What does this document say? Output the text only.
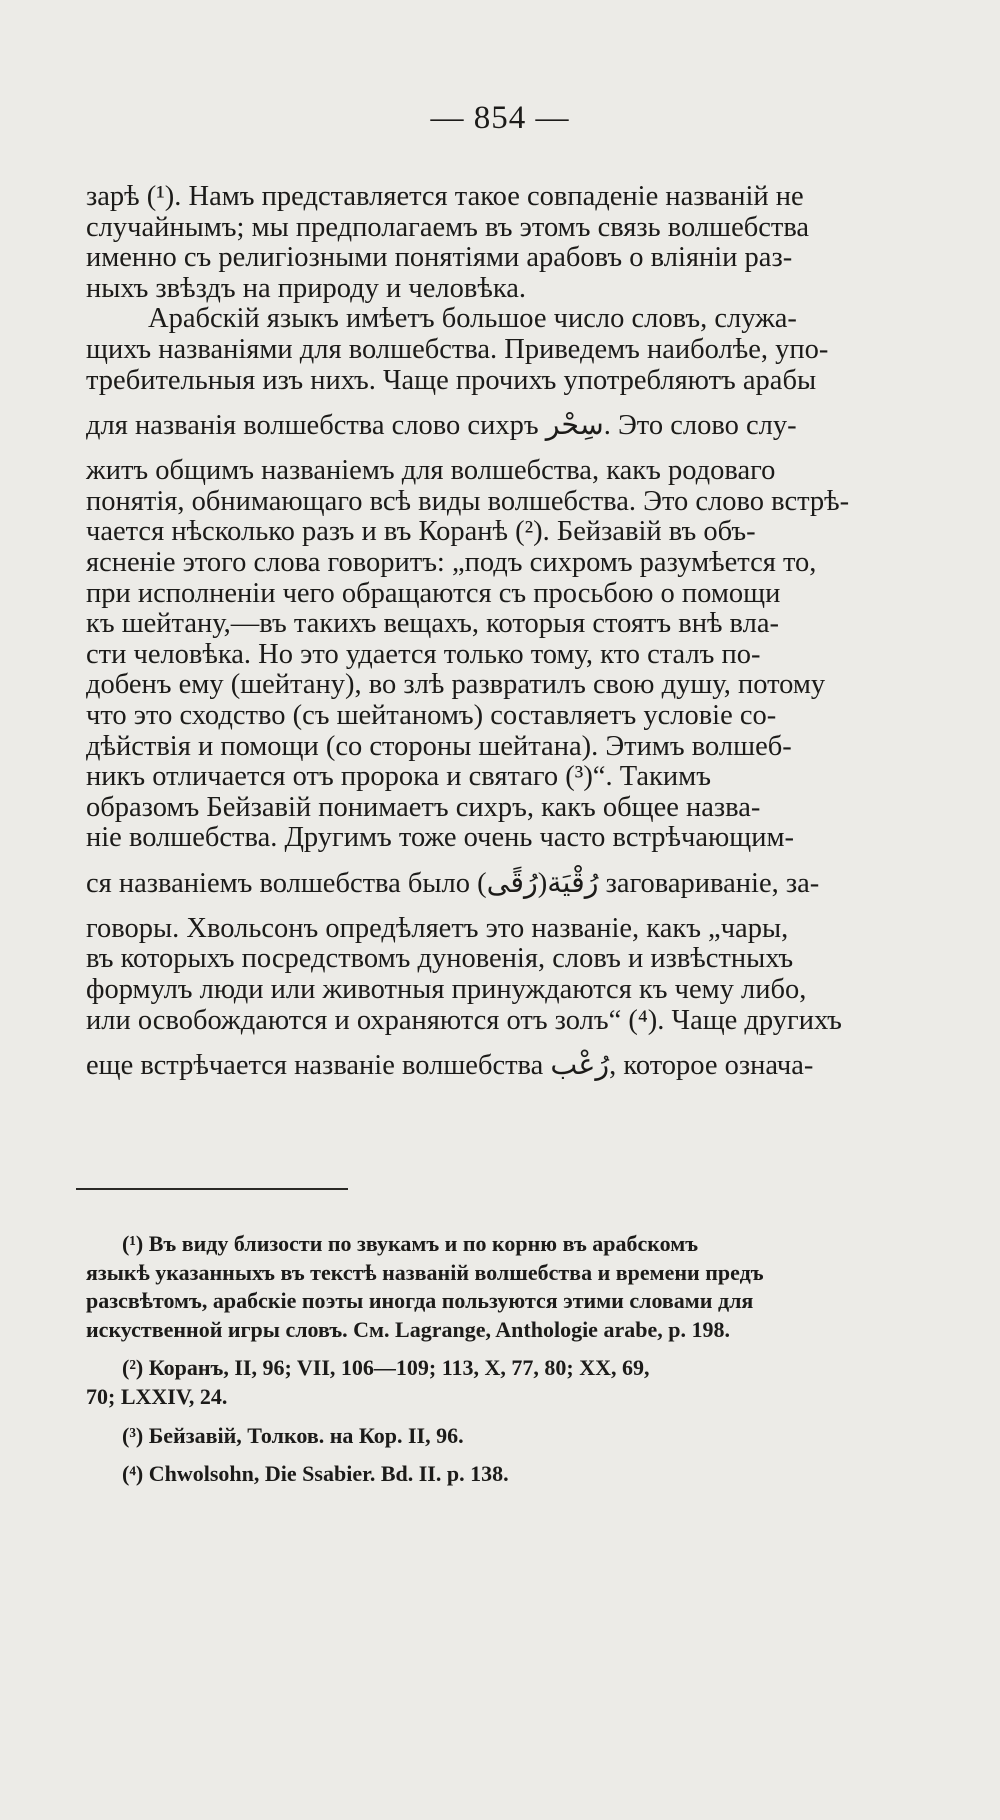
— 854 —
зарѣ (¹). Намъ представляется такое совпаденіе названій не
случайнымъ; мы предполагаемъ въ этомъ связь волшебства
именно съ религіозными понятіями арабовъ о вліяніи раз-
ныхъ звѣздъ на природу и человѣка.
Арабскій языкъ имѣетъ большое число словъ, служа-
щихъ названіями для волшебства. Приведемъ наиболѣе, упо-
требительныя изъ нихъ. Чаще прочихъ употребляютъ арабы
для названія волшебства слово сихръ سِحْر. Это слово слу-
житъ общимъ названіемъ для волшебства, какъ родоваго
понятія, обнимающаго всѣ виды волшебства. Это слово встрѣ-
чается нѣсколько разъ и въ Коранѣ (²). Бейзавій въ объ-
ясненіе этого слова говоритъ: „подъ сихромъ разумѣется то,
при исполненіи чего обращаются съ просьбою о помощи
къ шейтану,—въ такихъ вещахъ, которыя стоятъ внѣ вла-
сти человѣка. Но это удается только тому, кто сталъ по-
добенъ ему (шейтану), во злѣ развратилъ свою душу, потому
что это сходство (съ шейтаномъ) составляетъ условіе со-
дѣйствія и помощи (со стороны шейтана). Этимъ волшеб-
никъ отличается отъ пророка и святаго (³)“. Такимъ
образомъ Бейзавій понимаетъ сихръ, какъ общее назва-
ніе волшебства. Другимъ тоже очень часто встрѣчающим-
ся названіемъ волшебства было رُقْيَة(رُقًى) заговариваніе, за-
говоры. Хвольсонъ опредѣляетъ это названіе, какъ „чары,
въ которыхъ посредствомъ дуновенія, словъ и извѣстныхъ
формулъ люди или животныя принуждаются къ чему либо,
или освобождаются и охраняются отъ золъ“ (⁴). Чаще другихъ
еще встрѣчается названіе волшебства رُعْب, которое означа-
(¹) Въ виду близости по звукамъ и по корню въ арабскомъ
языкѣ указанныхъ въ текстѣ названій волшебства и времени предъ
разсвѣтомъ, арабскіе поэты иногда пользуются этими словами для
искуственной игры словъ. См. Lagrange, Anthologie arabe, p. 198.
(²) Коранъ, II, 96; VII, 106—109; 113, X, 77, 80; XX, 69,
70; LXXIV, 24.
(³) Бейзавій, Толков. на Кор. II, 96.
(⁴) Chwolsohn, Die Ssabier. Bd. II. p. 138.
